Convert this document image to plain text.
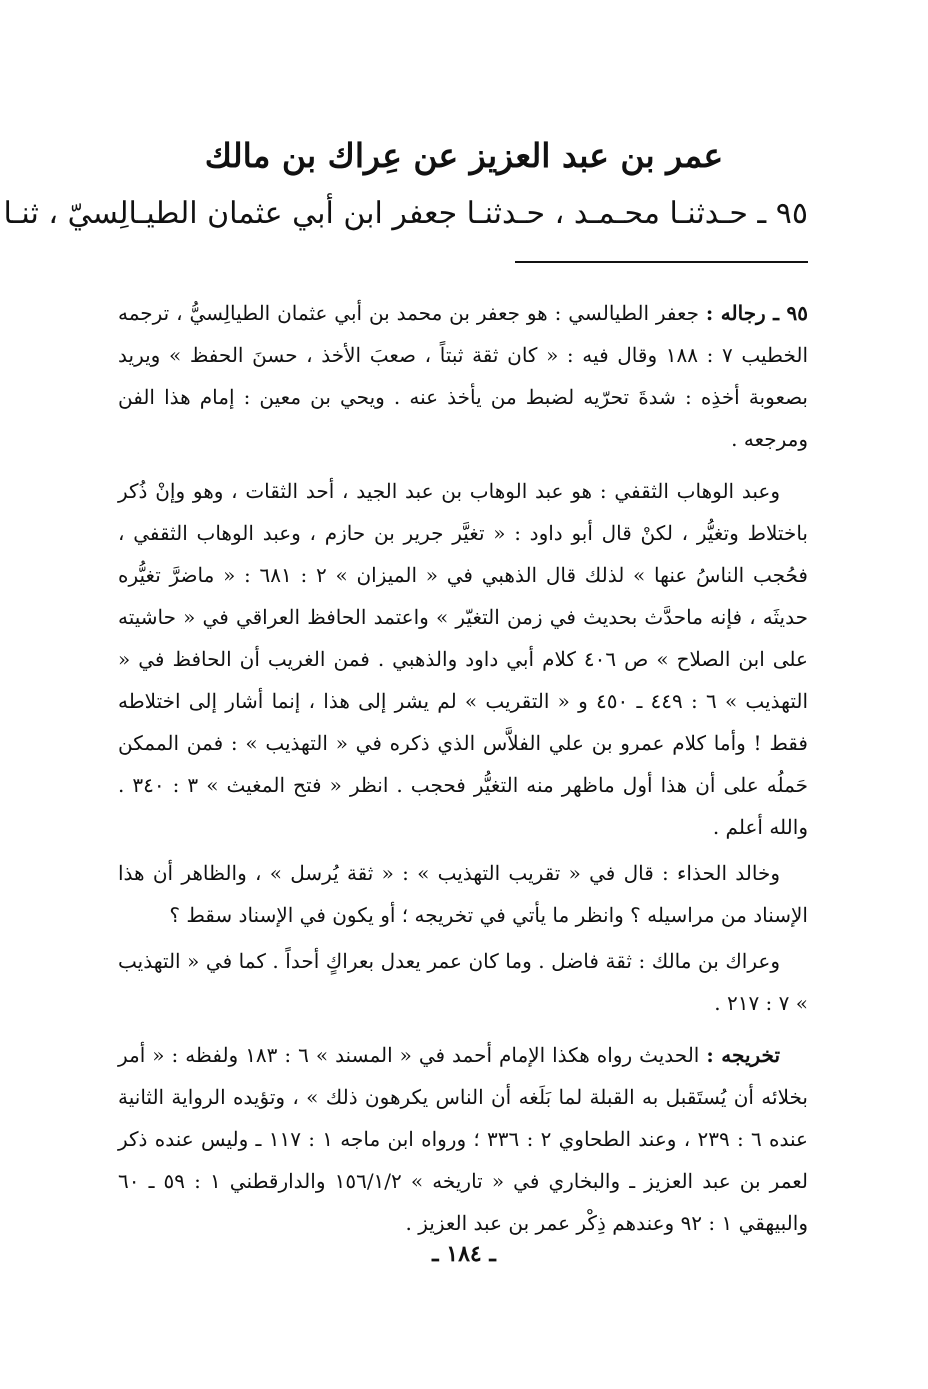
عمر بن عبد العزيز عن عِراك بن مالك
٩٥ ـ حـدثنـا محـمـد ، حـدثنـا جعفر ابن أبي عثمان الطيـالِسيّ ، ثنـا

٩٥ ـ رجاله : جعفر الطيالسي : هو جعفر بن محمد بن أبي عثمان الطيالِسيُّ ، ترجمه الخطيب ٧ : ١٨٨ وقال فيه : « كان ثقة ثبتاً ، صعبَ الأخذ ، حسنَ الحفظ » ويريد بصعوبة أخذِه : شدةَ تحرّيه لضبط من يأخذ عنه . ويحي بن معين : إمام هذا الفن ومرجعه .

وعبد الوهاب الثقفي : هو عبد الوهاب بن عبد الجيد ، أحد الثقات ، وهو وإنْ ذُكر باختلاط وتغيُّر ، لكنْ قال أبو داود : « تغيَّر جرير بن حازم ، وعبد الوهاب الثقفي ، فحُجب الناسُ عنها » لذلك قال الذهبي في « الميزان » ٢ : ٦٨١ : « ماضرَّ تغيُّره حديثَه ، فإنه ماحدَّث بحديث في زمن التغيّر » واعتمد الحافظ العراقي في « حاشيته على ابن الصلاح » ص ٤٠٦ كلام أبي داود والذهبي . فمن الغريب أن الحافظ في « التهذيب » ٦ : ٤٤٩ ـ ٤٥٠ و « التقريب » لم يشر إلى هذا ، إنما أشار إلى اختلاطه فقط ! وأما كلام عمرو بن علي الفلاَّس الذي ذكره في « التهذيب » : فمن الممكن حَملُه على أن هذا أول ماظهر منه التغيُّر فحجب . انظر « فتح المغيث » ٣ : ٣٤٠ . والله أعلم .

وخالد الحذاء : قال في « تقريب التهذيب » : « ثقة يُرسل » ، والظاهر أن هذا الإسناد من مراسيله ؟ وانظر ما يأتي في تخريجه ؛ أو يكون في الإسناد سقط ؟

وعراك بن مالك : ثقة فاضل . وما كان عمر يعدل بعراكٍ أحداً . كما في « التهذيب » ٧ : ٢١٧ .

تخريجه : الحديث رواه هكذا الإمام أحمد في « المسند » ٦ : ١٨٣ ولفظه : « أمر بخلائه أن يُستَقبل به القبلة لما بَلَغه أن الناس يكرهون ذلك » ، وتؤيده الرواية الثانية عنده ٦ : ٢٣٩ ، وعند الطحاوي ٢ : ٣٣٦ ؛ ورواه ابن ماجه ١ : ١١٧ ـ وليس عنده ذكر لعمر بن عبد العزيز ـ والبخاري في « تاريخه » ١٥٦/١/٢ والدارقطني ١ : ٥٩ ـ ٦٠ والبيهقي ١ : ٩٢ وعندهم ذِكْر عمر بن عبد العزيز .

ـ ١٨٤ ـ
